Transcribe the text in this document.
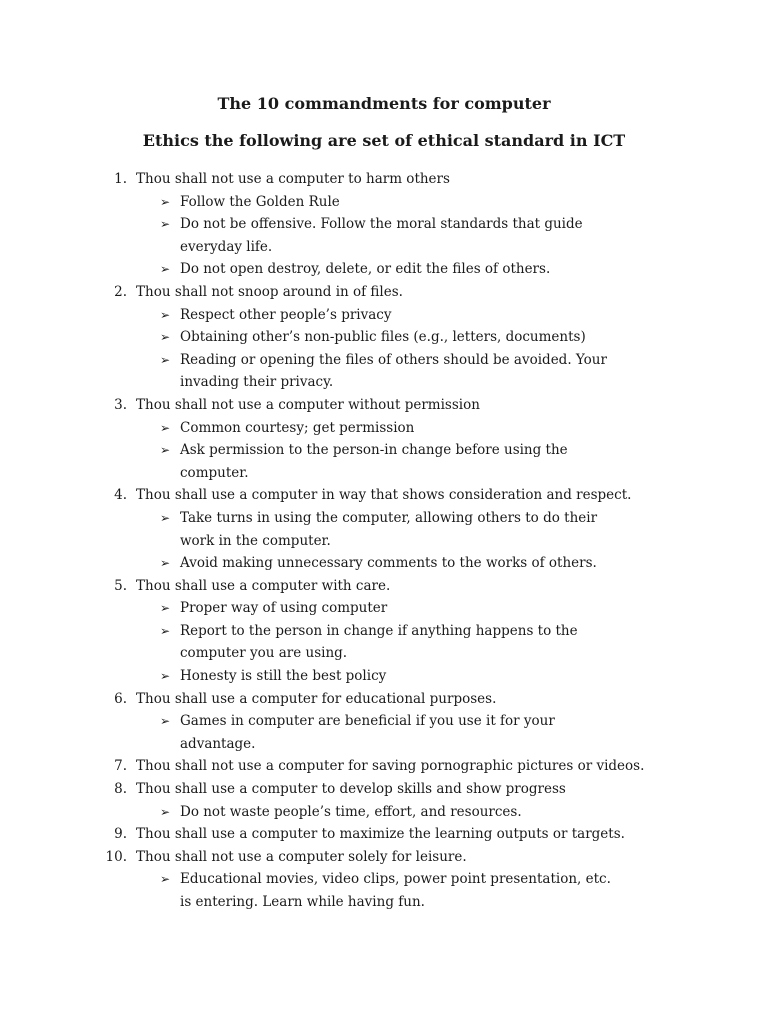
The 10 commandments for computer
Ethics the following are set of ethical standard in ICT
1. Thou shall not use a computer to harm others
➢ Follow the Golden Rule
➢ Do not be offensive. Follow the moral standards that guide everyday life.
➢ Do not open destroy, delete, or edit the files of others.
2. Thou shall not snoop around in of files.
➢ Respect other people’s privacy
➢ Obtaining other’s non-public files (e.g., letters, documents)
➢ Reading or opening the files of others should be avoided. Your invading their privacy.
3. Thou shall not use a computer without permission
➢ Common courtesy; get permission
➢ Ask permission to the person-in change before using the computer.
4. Thou shall use a computer in way that shows consideration and respect.
➢ Take turns in using the computer, allowing others to do their work in the computer.
➢ Avoid making unnecessary comments to the works of others.
5. Thou shall use a computer with care.
➢ Proper way of using computer
➢ Report to the person in change if anything happens to the computer you are using.
➢ Honesty is still the best policy
6. Thou shall use a computer for educational purposes.
➢ Games in computer are beneficial if you use it for your advantage.
7. Thou shall not use a computer for saving pornographic pictures or videos.
8. Thou shall use a computer to develop skills and show progress
➢ Do not waste people’s time, effort, and resources.
9. Thou shall use a computer to maximize the learning outputs or targets.
10. Thou shall not use a computer solely for leisure.
➢ Educational movies, video clips, power point presentation, etc. is entering. Learn while having fun.
